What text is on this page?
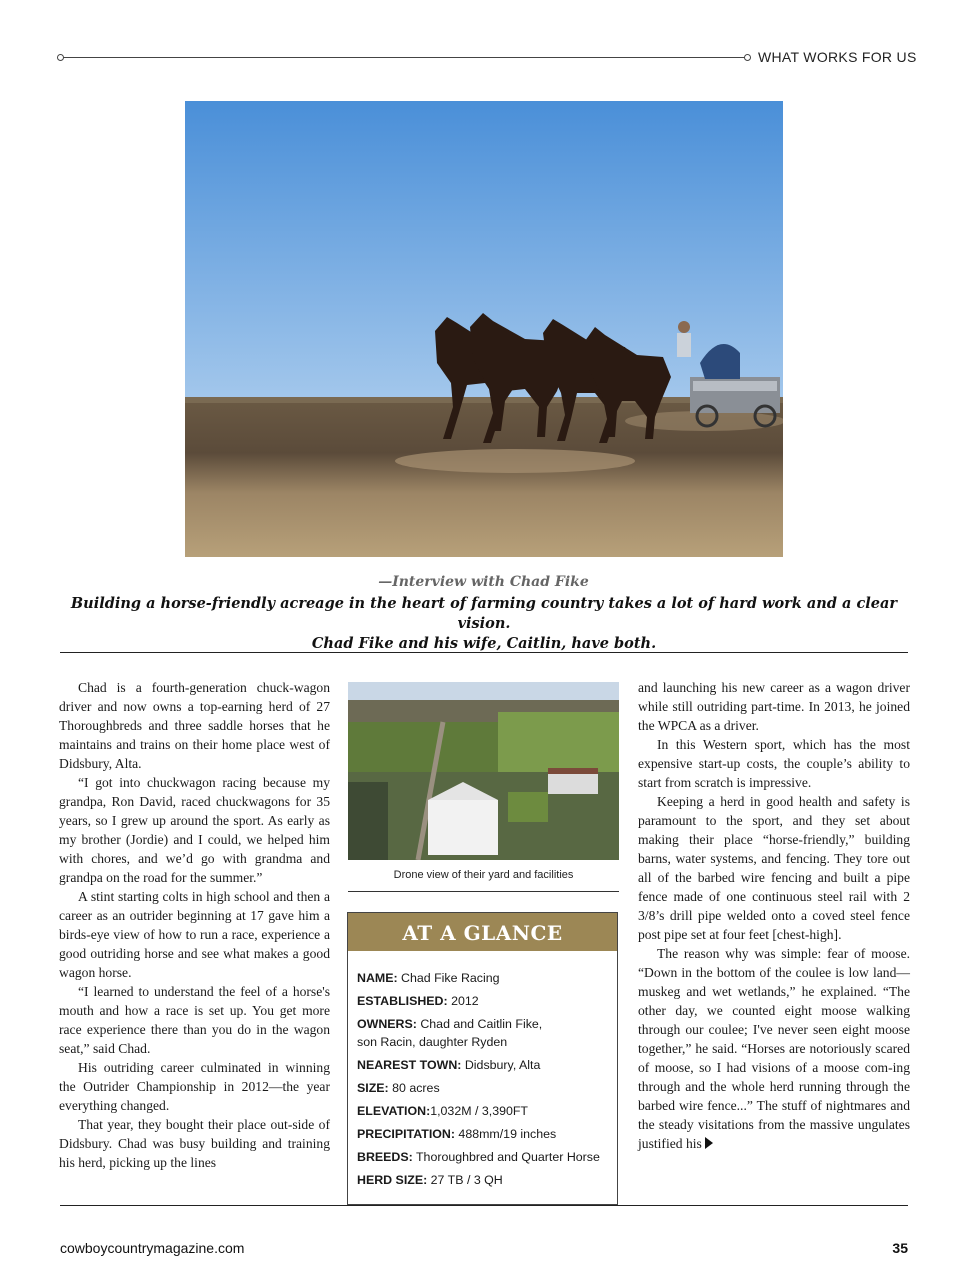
WHAT WORKS FOR US
—Interview with Chad Fike
Building a horse-friendly acreage in the heart of farming country takes a lot of hard work and a clear vision.
Chad Fike and his wife, Caitlin, have both.

Chad is a fourth-generation chuck-wagon driver and now owns a top-earning herd of 27 Thoroughbreds and three saddle horses that he maintains and trains on their home place west of Didsbury, Alta.

“I got into chuckwagon racing because my grandpa, Ron David, raced chuckwagons for 35 years, so I grew up around the sport. As early as my brother (Jordie) and I could, we helped him with chores, and we’d go with grandma and grandpa on the road for the summer.”

A stint starting colts in high school and then a career as an outrider beginning at 17 gave him a birds-eye view of how to run a race, experience a good outriding horse and see what makes a good wagon horse.

“I learned to understand the feel of a horse's mouth and how a race is set up. You get more race experience there than you do in the wagon seat,” said Chad.

His outriding career culminated in winning the Outrider Championship in 2012—the year everything changed.

That year, they bought their place out-side of Didsbury. Chad was busy building and training his herd, picking up the lines

Drone view of their yard and facilities
AT A GLANCE
NAME: Chad Fike Racing
ESTABLISHED: 2012
OWNERS: Chad and Caitlin Fike,
son Racin, daughter Ryden
NEAREST TOWN: Didsbury, Alta
SIZE: 80 acres
ELEVATION:1,032M / 3,390FT
PRECIPITATION: 488mm/19 inches
BREEDS: Thoroughbred and Quarter Horse
HERD SIZE: 27 TB / 3 QH

and launching his new career as a wagon driver while still outriding part-time. In 2013, he joined the WPCA as a driver.

In this Western sport, which has the most expensive start-up costs, the couple’s ability to start from scratch is impressive.

Keeping a herd in good health and safety is paramount to the sport, and they set about making their place “horse-friendly,” building barns, water systems, and fencing. They tore out all of the barbed wire fencing and built a pipe fence made of one continuous steel rail with 2 3/8’s drill pipe welded onto a coved steel fence post pipe set at four feet [chest-high].

The reason why was simple: fear of moose. “Down in the bottom of the coulee is low land—muskeg and wet wetlands,” he explained. “The other day, we counted eight moose walking through our coulee; I've never seen eight moose together,” he said. “Horses are notoriously scared of moose, so I had visions of a moose com-ing through and the whole herd running through the barbed wire fence...” The stuff of nightmares and the steady visitations from the massive ungulates justified his

cowboycountrymagazine.com	35
